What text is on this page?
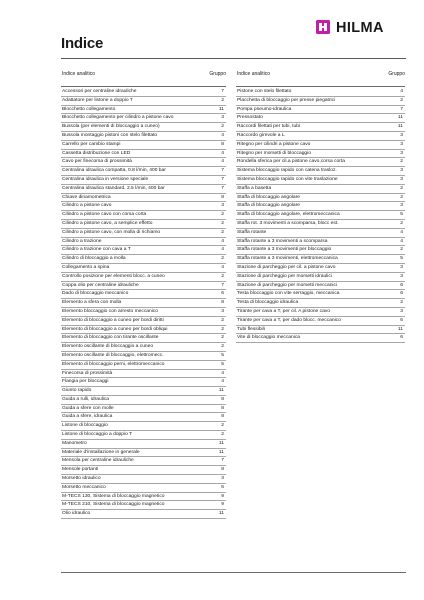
Indice
HILMA
Indice analitico	Gruppo
Accessori per centraline idrauliche	7
Adattatore per listone a doppio T	2
Blocchetto collegamento	11
Blocchetto collegamento per cilindro a pistone cavo	3
Bussola (per elementi di bloccaggio a cuneo)	2
Bussola montaggio pistoni con stelo filettato	4
Carrello per cambio stampi	8
Cassetta distribuzione con LED	4
Cavo per finecorsa di prossimità	4
Centralina idraulica compatta, 0.8 l/min, 400 bar	7
Centralina idraulica in versione speciale	7
Centralina idraulica standard, 2.5 l/min, 400 bar	7
Chiave dinamometrica	8
Cilindro a pistone cavo	3
Cilindro a pistone cavo con corsa corta	2
Cilindro a pistone cavo, a semplice effetto	2
Cilindro a pistone cavo, con molla di richiamo	2
Cilindro a trazione	4
Cilindro a trazione con cava a T	4
Cilindro di bloccaggio a molla	2
Collegamento a spina	4
Controllo posizione per elementi blocc. a cuneo	2
Coppa olio per centraline idrauliche	7
Dado di bloccaggio meccanico	6
Elemento a sfera con molla	8
Elemento bloccaggio con arresto meccanico	3
Elemento di bloccaggio a cuneo per bordi diritti	2
Elemento di bloccaggio a cuneo per bordi obliqui	2
Elemento di bloccaggio con tirante oscillante	2
Elemento oscillante di bloccaggio a cuneo	2
Elemento oscillante di bloccaggio, elettromecc.	5
Elemento di bloccaggio perni, elettromeccanico	5
Finecorsa di prossimità	4
Flangia per bloccaggi	4
Giunto rapido	11
Guida a rulli, idraulica	8
Guida a sfere con molle	8
Guida a sfere, idraulica	8
Listone di bloccaggio	2
Listone di bloccaggio a doppio T	2
Manometro	11
Materiale d'installazione in generale	11
Mensola per centraline idrauliche	7
Mensole portanti	8
Morsetto idraulico	3
Morsetto meccanico	6
M-TECS 130, Sistema di bloccaggio magnetico	9
M-TECS 210, Sistema di bloccaggio magnetico	9
Olio idraulico	11
Indice analitico	Gruppo
Pistone con stelo filettato	4
Placchetta di bloccaggio per presse piegatrici	2
Pompa pneumo-idraulica	7
Pressostato	11
Raccordi filettati per tubi, tubi	11
Raccordo girevole a L	3
Ritegno per cilindri a pistone cavo	3
Ritegno per morsetti di bloccaggio	3
Rondella sferica per cil.a pistone cavo,corsa corta	2
Sistema bloccaggio rapido con catena trasloz.	3
Sistema bloccaggio rapido con vite traslazione	3
Staffa a basetta	2
Staffa di bloccaggio angolare	2
Staffa di bloccaggio angolare	3
Staffa di bloccaggio angolare, elettromeccanica	5
Staffa rot. 3 movimenti a scomparsa, blocc est.	2
Staffa rotante	4
Staffa rotante a 3 movimenti a scomparsa	4
Staffa rotante a 3 movimenti per bloccaggio	2
Staffa rotante a 3 movimenti, elettromeccanica	5
Stazione di parcheggio per cil. a pistone cavo	3
Stazione di parcheggio per morsetti idraulici	3
Stazione di parcheggio per morsetti meccanici	6
Testa bloccaggio con vite serraggio, meccanica	6
Testa di bloccaggio idraulica	2
Tirante per cava a T, per cil. A pistone cavo	3
Tirante per cava a T, per dado blocc. meccanico	6
Tubi flessibili	11
Vite di bloccaggio meccanica	6
